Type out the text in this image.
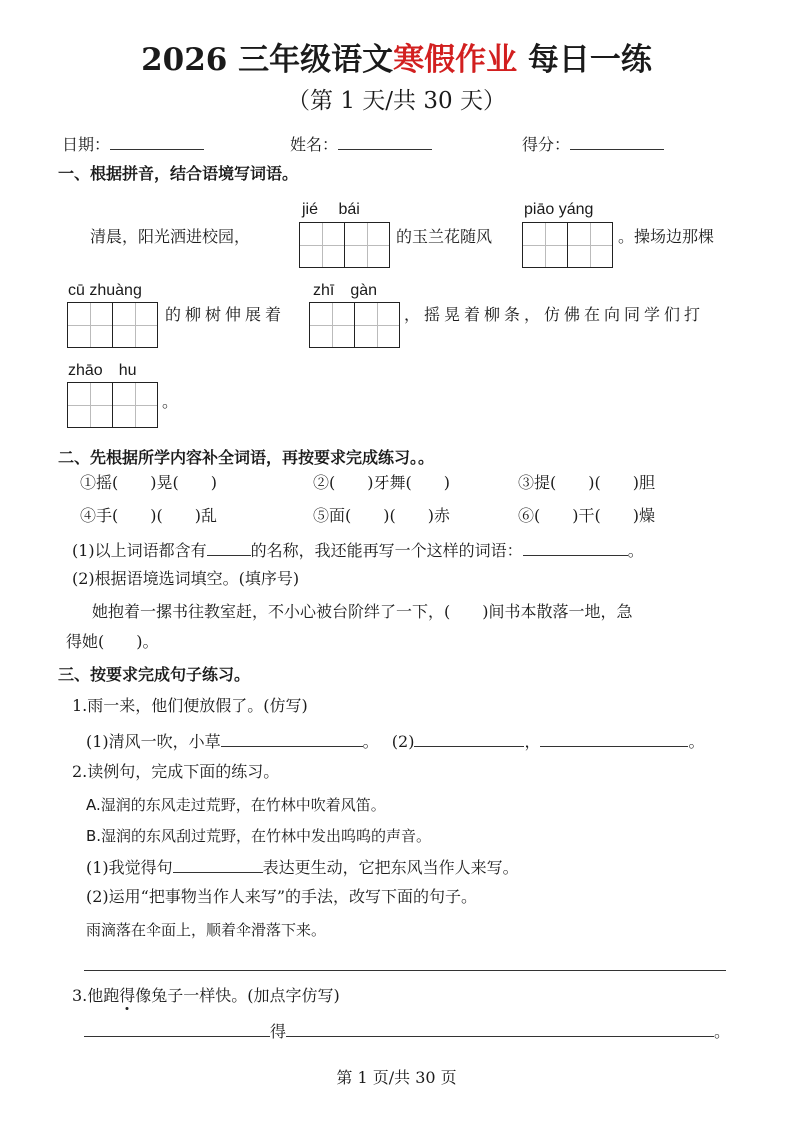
2026 三年级语文寒假作业 每日一练
（第 1 天/共 30 天）
日期：	姓名：	得分：
一、根据拼音，结合语境写词语。
清晨，阳光洒进校园，
jié　 bái
的玉兰花随风
piāo yáng
。操场边那棵
cū zhuàng
的柳树伸展着
zhī　gàn
，摇晃着柳条，仿佛在向同学们打
zhāo　hu
。
二、先根据所学内容补全词语，再按要求完成练习。。
①摇(　　)晃(　　)	②(　　)牙舞(　　)	③提(　　)(　　)胆
④手(　　)(　　)乱	⑤面(　　)(　　)赤	⑥(　　)干(　　)燥
(1)以上词语都含有	的名称，我还能再写一个这样的词语：	。
(2)根据语境选词填空。(填序号)
她抱着一摞书往教室赶，不小心被台阶绊了一下，(　　)间书本散落一地，急
得她(　　)。
三、按要求完成句子练习。
1.雨一来，他们便放假了。(仿写)
(1)清风一吹，小草	。　 (2)	，	。
2.读例句，完成下面的练习。
A.湿润的东风走过荒野，在竹林中吹着风笛。
B.湿润的东风刮过荒野，在竹林中发出呜呜的声音。
(1)我觉得句	表达更生动，它把东风当作人来写。
(2)运用“把事物当作人来写”的手法，改写下面的句子。
雨滴落在伞面上，顺着伞滑落下来。
3.他跑得像兔子一样快。(加点字仿写)
得	。
第 1 页/共 30 页
